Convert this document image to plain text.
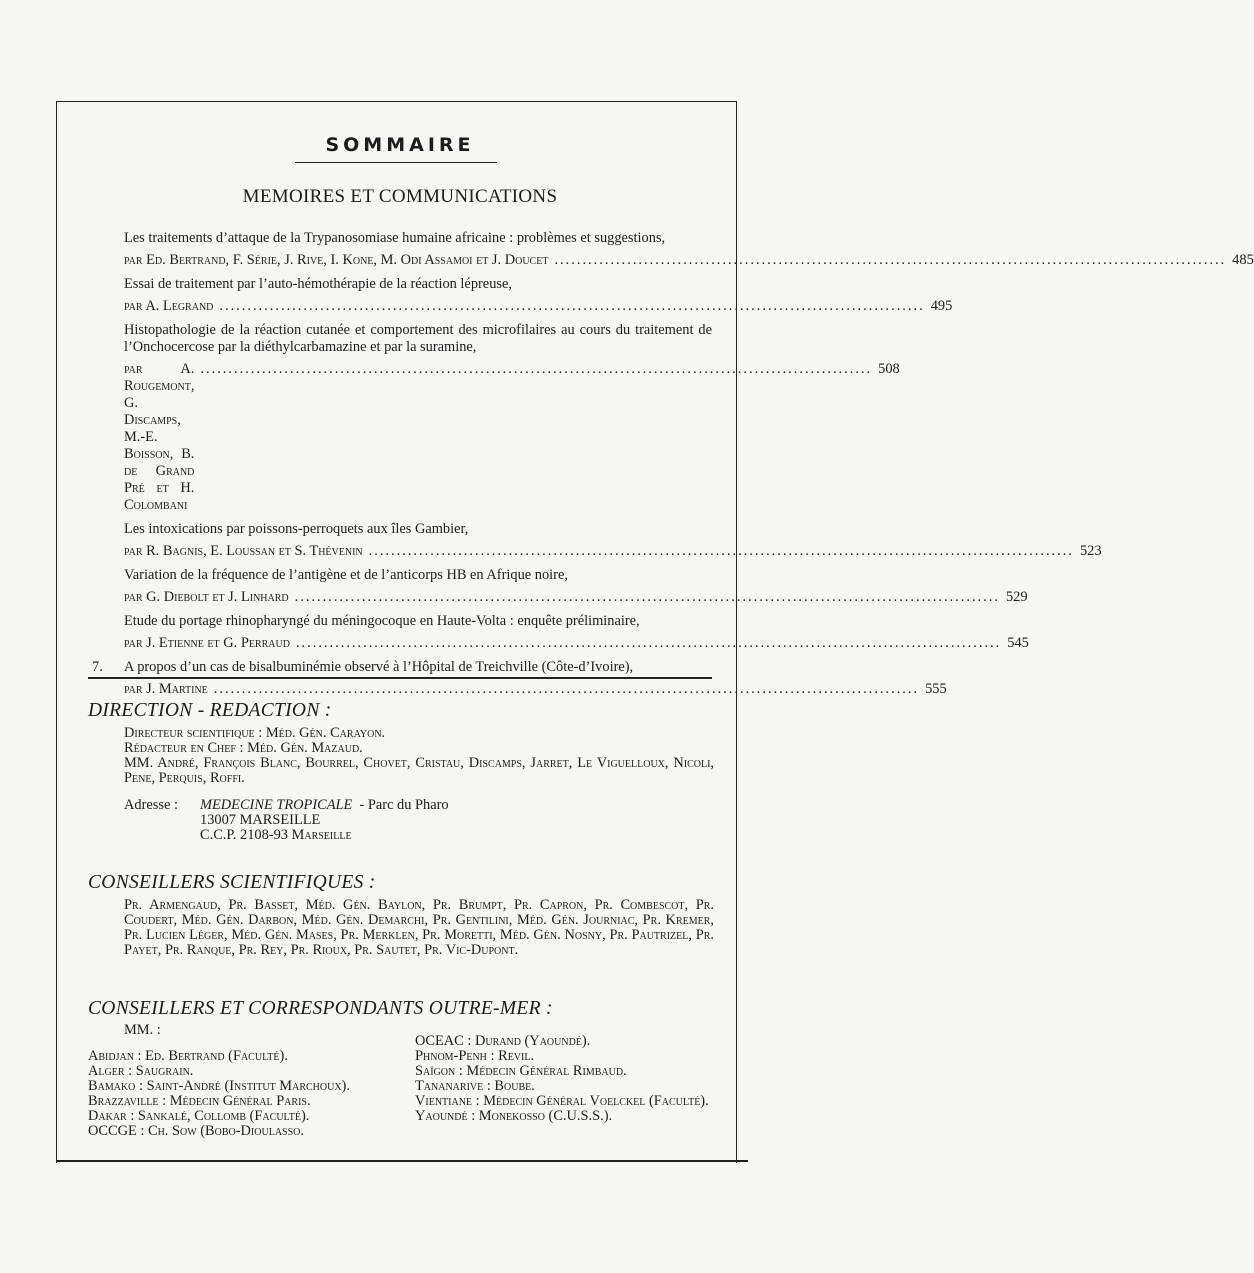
SOMMAIRE
MEMOIRES ET COMMUNICATIONS
Les traitements d’attaque de la Trypanosomiase humaine africaine : problèmes et suggestions,
par Ed. Bertrand, F. Série, J. Rive, I. Kone, M. Odi Assamoi et J. Doucet ........................................................................................................................ 485
Essai de traitement par l’auto-hémothérapie de la réaction lépreuse,
par A. Legrand .............................................................................................................................. 495
Histopathologie de la réaction cutanée et comportement des microfilaires au cours du traitement de l’Onchocercose par la diéthylcarbamazine et par la suramine,
par A. Rougemont, G. Discamps, M.-E. Boisson, B. de Grand Pré et H. Colombani
........................................................................................................................ 508
Les intoxications par poissons-perroquets aux îles Gambier,
par R. Bagnis, E. Loussan et S. Thévenin .............................................................................................................................. 523
Variation de la fréquence de l’antigène et de l’anticorps HB en Afrique noire,
par G. Diebolt et J. Linhard .............................................................................................................................. 529
Etude du portage rhinopharyngé du méningocoque en Haute-Volta : enquête préliminaire,
par J. Etienne et G. Perraud .............................................................................................................................. 545
7. A propos d’un cas de bisalbuminémie observé à l’Hôpital de Treichville (Côte-d’Ivoire),
par J. Martine .............................................................................................................................. 555
DIRECTION - REDACTION :
Directeur scientifique : Méd. Gén. Carayon.
Rédacteur en Chef : Méd. Gén. Mazaud.
MM. André, François Blanc, Bourrel, Chovet, Cristau, Discamps, Jarret, Le Viguelloux, Nicoli, Pene, Perquis, Roffi.
Adresse :	MEDECINE TROPICALE - Parc du Pharo
13007 MARSEILLE
C.C.P. 2108-93 Marseille
CONSEILLERS SCIENTIFIQUES :
Pr. Armengaud, Pr. Basset, Méd. Gén. Baylon, Pr. Brumpt, Pr. Capron, Pr. Combescot, Pr. Coudert, Méd. Gén. Darbon, Méd. Gén. Demarchi, Pr. Gentilini, Méd. Gén. Journiac, Pr. Kremer, Pr. Lucien Léger, Méd. Gén. Mases, Pr. Merklen, Pr. Moretti, Méd. Gén. Nosny, Pr. Pautrizel, Pr. Payet, Pr. Ranque, Pr. Rey, Pr. Rioux, Pr. Sautet, Pr. Vic-Dupont.
CONSEILLERS ET CORRESPONDANTS OUTRE-MER :
MM. :
Abidjan : Ed. Bertrand (Faculté).
Alger : Saugrain.
Bamako : Saint-André (Institut Marchoux).
Brazzaville : Médecin Général Paris.
Dakar : Sankalé, Collomb (Faculté).
OCCGE : Ch. Sow (Bobo-Dioulasso.
OCEAC : Durand (Yaoundé).
Phnom-Penh : Revil.
Saïgon : Médecin Général Rimbaud.
Tananarive : Boube.
Vientiane : Médecin Général Voelckel (Faculté).
Yaoundé : Monekosso (C.U.S.S.).
